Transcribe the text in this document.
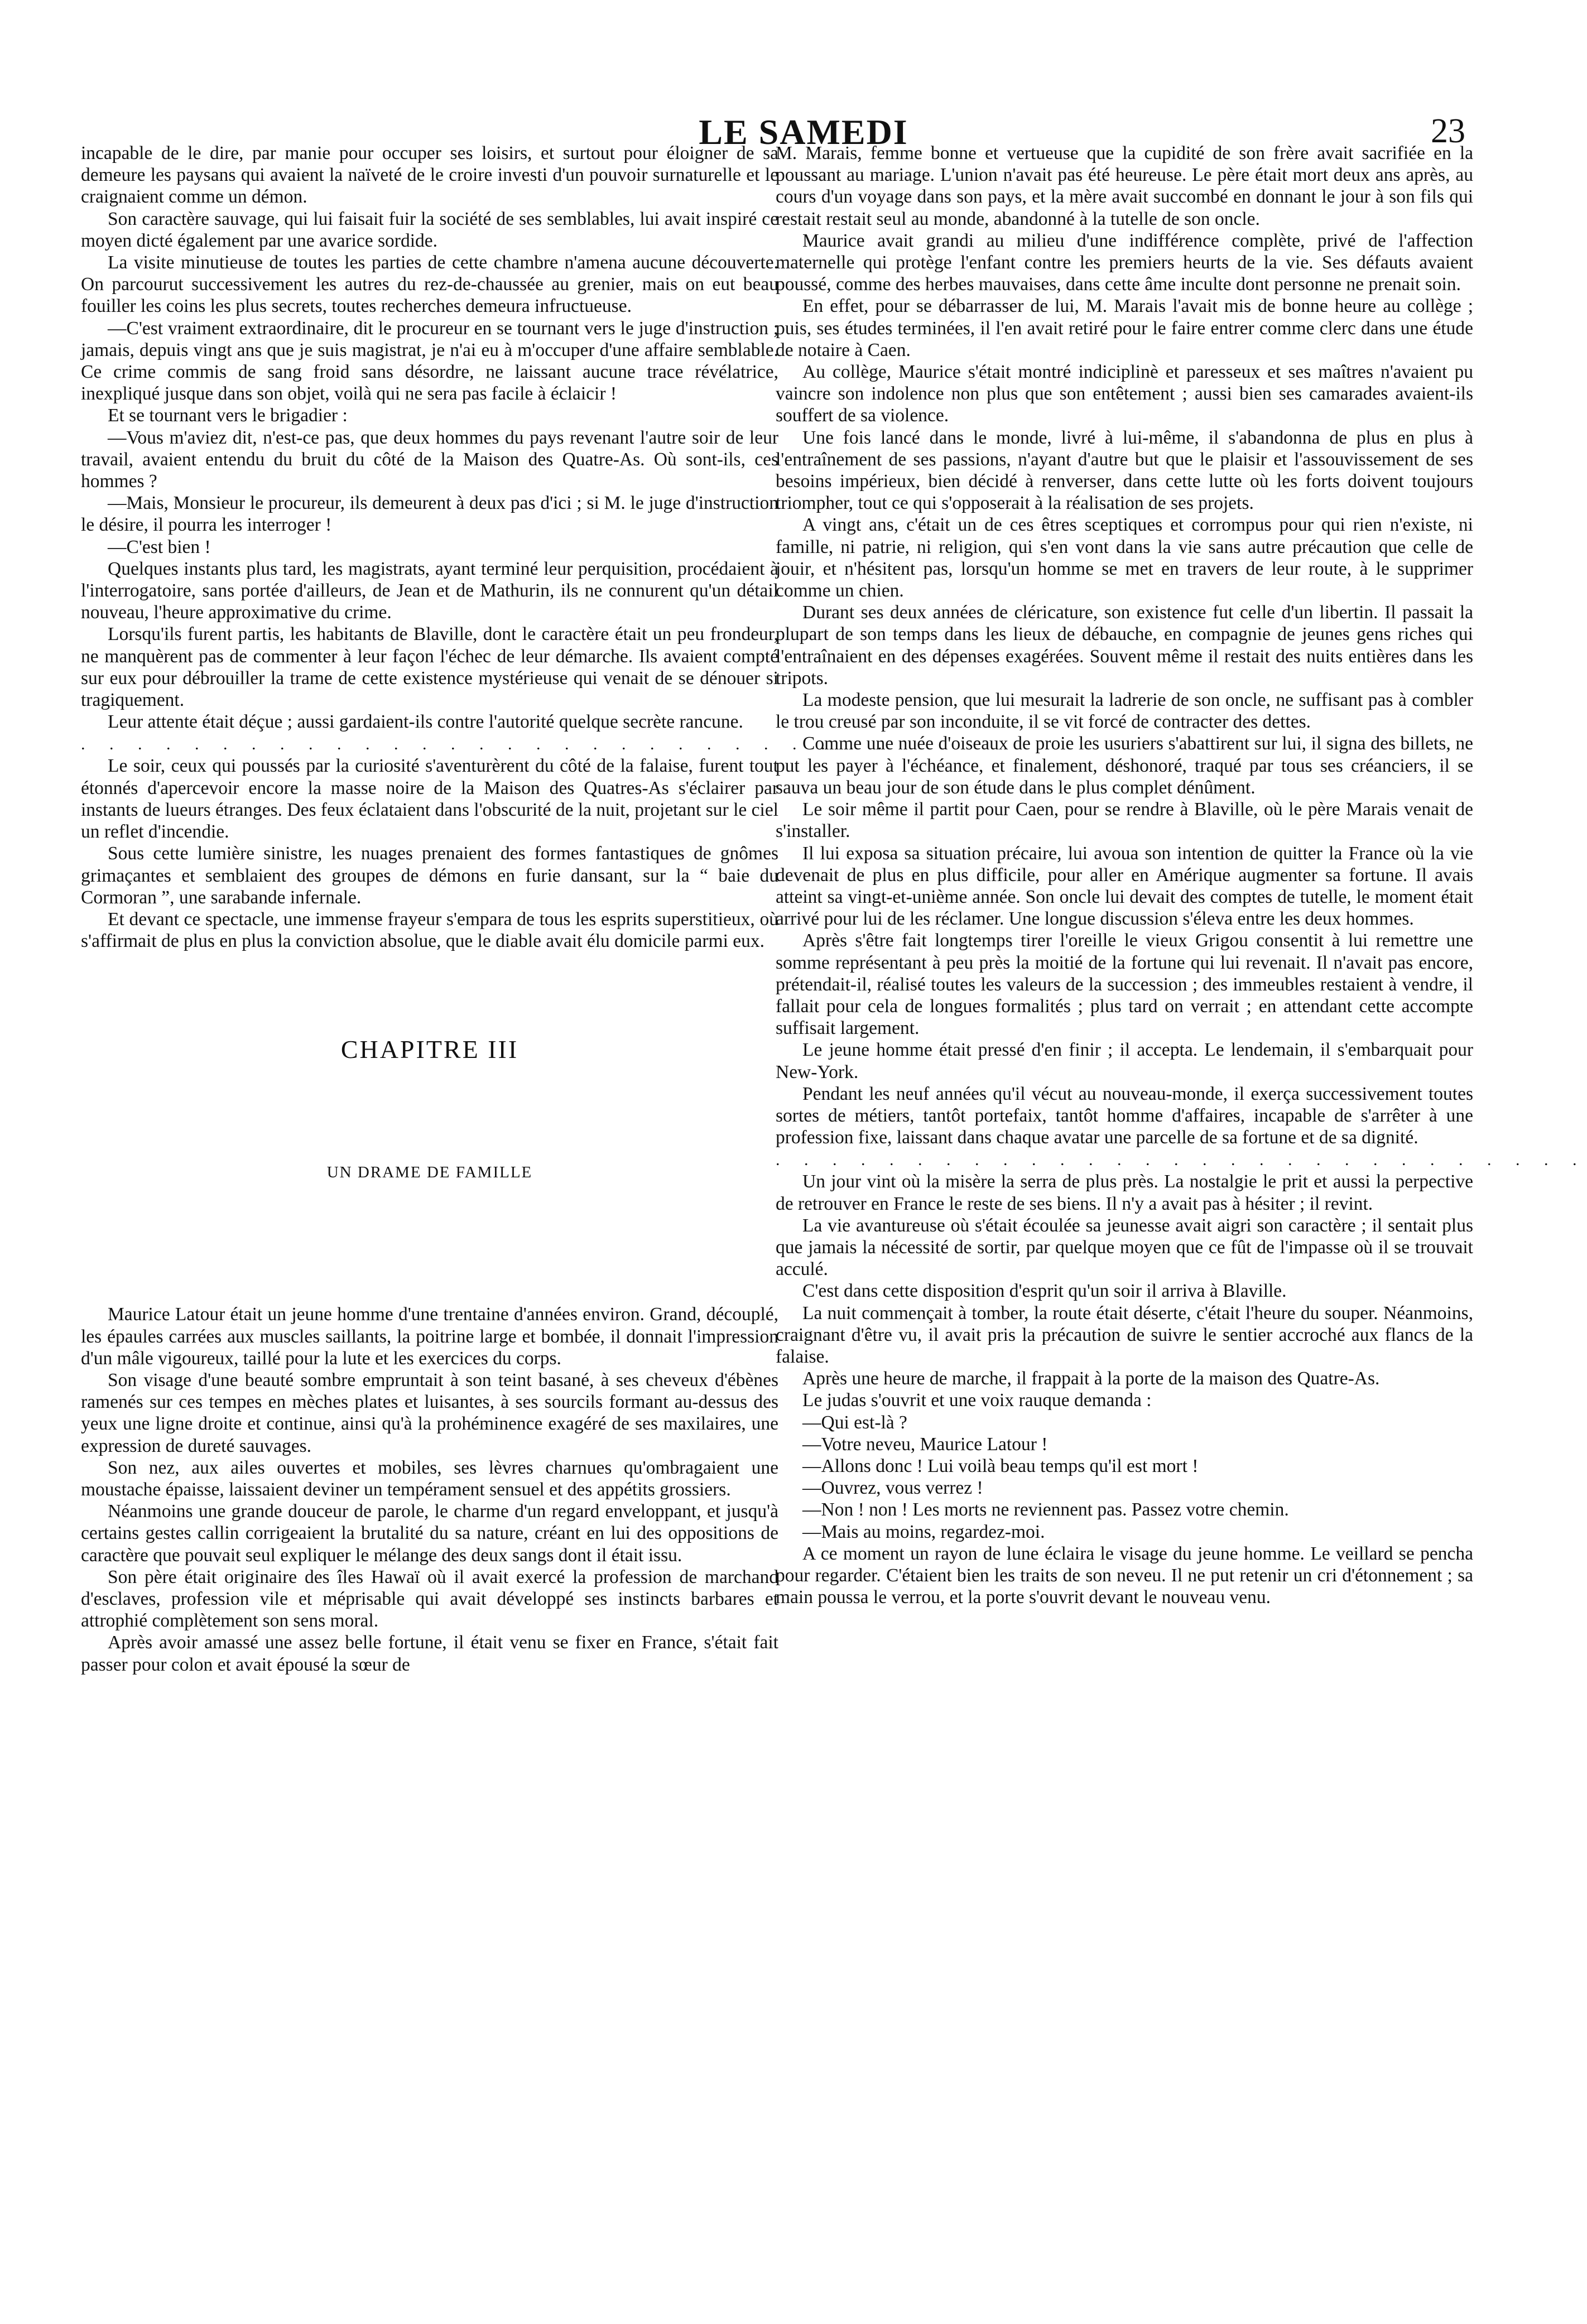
LE SAMEDI	23

incapable de le dire, par manie pour occuper ses loisirs, et surtout pour éloigner de sa demeure les paysans qui avaient la naïveté de le croire investi d'un pouvoir surnaturelle et le craignaient comme un démon.

Son caractère sauvage, qui lui faisait fuir la société de ses semblables, lui avait inspiré ce moyen dicté également par une avarice sordide.

La visite minutieuse de toutes les parties de cette chambre n'amena aucune découverte. On parcourut successivement les autres du rez-de-chaussée au grenier, mais on eut beau fouiller les coins les plus secrets, toutes recherches demeura infructueuse.

—C'est vraiment extraordinaire, dit le procureur en se tournant vers le juge d'instruction ; jamais, depuis vingt ans que je suis magistrat, je n'ai eu à m'occuper d'une affaire semblable. Ce crime commis de sang froid sans désordre, ne laissant aucune trace révélatrice, inexpliqué jusque dans son objet, voilà qui ne sera pas facile à éclaicir !

Et se tournant vers le brigadier :

—Vous m'aviez dit, n'est-ce pas, que deux hommes du pays revenant l'autre soir de leur travail, avaient entendu du bruit du côté de la Maison des Quatre-As. Où sont-ils, ces hommes ?

—Mais, Monsieur le procureur, ils demeurent à deux pas d'ici ; si M. le juge d'instruction le désire, il pourra les interroger !

—C'est bien !

Quelques instants plus tard, les magistrats, ayant terminé leur perquisition, procédaient à l'interrogatoire, sans portée d'ailleurs, de Jean et de Mathurin, ils ne connurent qu'un détail nouveau, l'heure approximative du crime.

Lorsqu'ils furent partis, les habitants de Blaville, dont le caractère était un peu frondeur, ne manquèrent pas de commenter à leur façon l'échec de leur démarche. Ils avaient compté sur eux pour débrouiller la trame de cette existence mystérieuse qui venait de se dénouer si tragiquement.

Leur attente était déçue ; aussi gardaient-ils contre l'autorité quelque secrète rancune.

. . . . . . . . . . . . . . . . . . . . . . . . . . . . .

Le soir, ceux qui poussés par la curiosité s'aventurèrent du côté de la falaise, furent tout étonnés d'apercevoir encore la masse noire de la Maison des Quatres-As s'éclairer par instants de lueurs étranges. Des feux éclataient dans l'obscurité de la nuit, projetant sur le ciel un reflet d'incendie.

Sous cette lumière sinistre, les nuages prenaient des formes fantastiques de gnômes grimaçantes et semblaient des groupes de démons en furie dansant, sur la “ baie du Cormoran ”, une sarabande infernale.

Et devant ce spectacle, une immense frayeur s'empara de tous les esprits superstitieux, où s'affirmait de plus en plus la conviction absolue, que le diable avait élu domicile parmi eux.

CHAPITRE III
UN DRAME DE FAMILLE

Maurice Latour était un jeune homme d'une trentaine d'années environ. Grand, découplé, les épaules carrées aux muscles saillants, la poitrine large et bombée, il donnait l'impression d'un mâle vigoureux, taillé pour la lute et les exercices du corps.

Son visage d'une beauté sombre empruntait à son teint basané, à ses cheveux d'ébènes ramenés sur ces tempes en mèches plates et luisantes, à ses sourcils formant au-dessus des yeux une ligne droite et continue, ainsi qu'à la prohéminence exagéré de ses maxilaires, une expression de dureté sauvages.

Son nez, aux ailes ouvertes et mobiles, ses lèvres charnues qu'ombragaient une moustache épaisse, laissaient deviner un tempérament sensuel et des appétits grossiers.

Néanmoins une grande douceur de parole, le charme d'un regard enveloppant, et jusqu'à certains gestes callin corrigeaient la brutalité du sa nature, créant en lui des oppositions de caractère que pouvait seul expliquer le mélange des deux sangs dont il était issu.

Son père était originaire des îles Hawaï où il avait exercé la profession de marchand d'esclaves, profession vile et méprisable qui avait développé ses instincts barbares et attrophié complètement son sens moral.

Après avoir amassé une assez belle fortune, il était venu se fixer en France, s'était fait passer pour colon et avait épousé la sœur de

M. Marais, femme bonne et vertueuse que la cupidité de son frère avait sacrifiée en la poussant au mariage. L'union n'avait pas été heureuse. Le père était mort deux ans après, au cours d'un voyage dans son pays, et la mère avait succombé en donnant le jour à son fils qui restait restait seul au monde, abandonné à la tutelle de son oncle.

Maurice avait grandi au milieu d'une indifférence complète, privé de l'affection maternelle qui protège l'enfant contre les premiers heurts de la vie. Ses défauts avaient poussé, comme des herbes mauvaises, dans cette âme inculte dont personne ne prenait soin.

En effet, pour se débarrasser de lui, M. Marais l'avait mis de bonne heure au collège ; puis, ses études terminées, il l'en avait retiré pour le faire entrer comme clerc dans une étude de notaire à Caen.

Au collège, Maurice s'était montré indiciplinè et paresseux et ses maîtres n'avaient pu vaincre son indolence non plus que son entêtement ; aussi bien ses camarades avaient-ils souffert de sa violence.

Une fois lancé dans le monde, livré à lui-même, il s'abandonna de plus en plus à l'entraînement de ses passions, n'ayant d'autre but que le plaisir et l'assouvissement de ses besoins impérieux, bien décidé à renverser, dans cette lutte où les forts doivent toujours triompher, tout ce qui s'opposerait à la réalisation de ses projets.

A vingt ans, c'était un de ces êtres sceptiques et corrompus pour qui rien n'existe, ni famille, ni patrie, ni religion, qui s'en vont dans la vie sans autre précaution que celle de jouir, et n'hésitent pas, lorsqu'un homme se met en travers de leur route, à le supprimer comme un chien.

Durant ses deux années de cléricature, son existence fut celle d'un libertin. Il passait la plupart de son temps dans les lieux de débauche, en compagnie de jeunes gens riches qui l'entraînaient en des dépenses exagérées. Souvent même il restait des nuits entières dans les tripots.

La modeste pension, que lui mesurait la ladrerie de son oncle, ne suffisant pas à combler le trou creusé par son inconduite, il se vit forcé de contracter des dettes.

Comme une nuée d'oiseaux de proie les usuriers s'abattirent sur lui, il signa des billets, ne put les payer à l'échéance, et finalement, déshonoré, traqué par tous ses créanciers, il se sauva un beau jour de son étude dans le plus complet dénûment.

Le soir même il partit pour Caen, pour se rendre à Blaville, où le père Marais venait de s'installer.

Il lui exposa sa situation précaire, lui avoua son intention de quitter la France où la vie devenait de plus en plus difficile, pour aller en Amérique augmenter sa fortune. Il avais atteint sa vingt-et-unième année. Son oncle lui devait des comptes de tutelle, le moment était arrivé pour lui de les réclamer. Une longue discussion s'éleva entre les deux hommes.

Après s'être fait longtemps tirer l'oreille le vieux Grigou consentit à lui remettre une somme représentant à peu près la moitié de la fortune qui lui revenait. Il n'avait pas encore, prétendait-il, réalisé toutes les valeurs de la succession ; des immeubles restaient à vendre, il fallait pour cela de longues formalités ; plus tard on verrait ; en attendant cette accompte suffisait largement.

Le jeune homme était pressé d'en finir ; il accepta. Le lendemain, il s'embarquait pour New-York.

Pendant les neuf années qu'il vécut au nouveau-monde, il exerça successivement toutes sortes de métiers, tantôt portefaix, tantôt homme d'affaires, incapable de s'arrêter à une profession fixe, laissant dans chaque avatar une parcelle de sa fortune et de sa dignité.

. . . . . . . . . . . . . . . . . . . . . . . . . . . . .

Un jour vint où la misère la serra de plus près. La nostalgie le prit et aussi la perpective de retrouver en France le reste de ses biens. Il n'y a avait pas à hésiter ; il revint.

La vie avantureuse où s'était écoulée sa jeunesse avait aigri son caractère ; il sentait plus que jamais la nécessité de sortir, par quelque moyen que ce fût de l'impasse où il se trouvait acculé.

C'est dans cette disposition d'esprit qu'un soir il arriva à Blaville.

La nuit commençait à tomber, la route était déserte, c'était l'heure du souper. Néanmoins, craignant d'être vu, il avait pris la précaution de suivre le sentier accroché aux flancs de la falaise.

Après une heure de marche, il frappait à la porte de la maison des Quatre-As.

Le judas s'ouvrit et une voix rauque demanda :

—Qui est-là ?

—Votre neveu, Maurice Latour !

—Allons donc ! Lui voilà beau temps qu'il est mort !

—Ouvrez, vous verrez !

—Non ! non ! Les morts ne reviennent pas. Passez votre chemin.

—Mais au moins, regardez-moi.

A ce moment un rayon de lune éclaira le visage du jeune homme. Le veillard se pencha pour regarder. C'étaient bien les traits de son neveu. Il ne put retenir un cri d'étonnement ; sa main poussa le verrou, et la porte s'ouvrit devant le nouveau venu.
